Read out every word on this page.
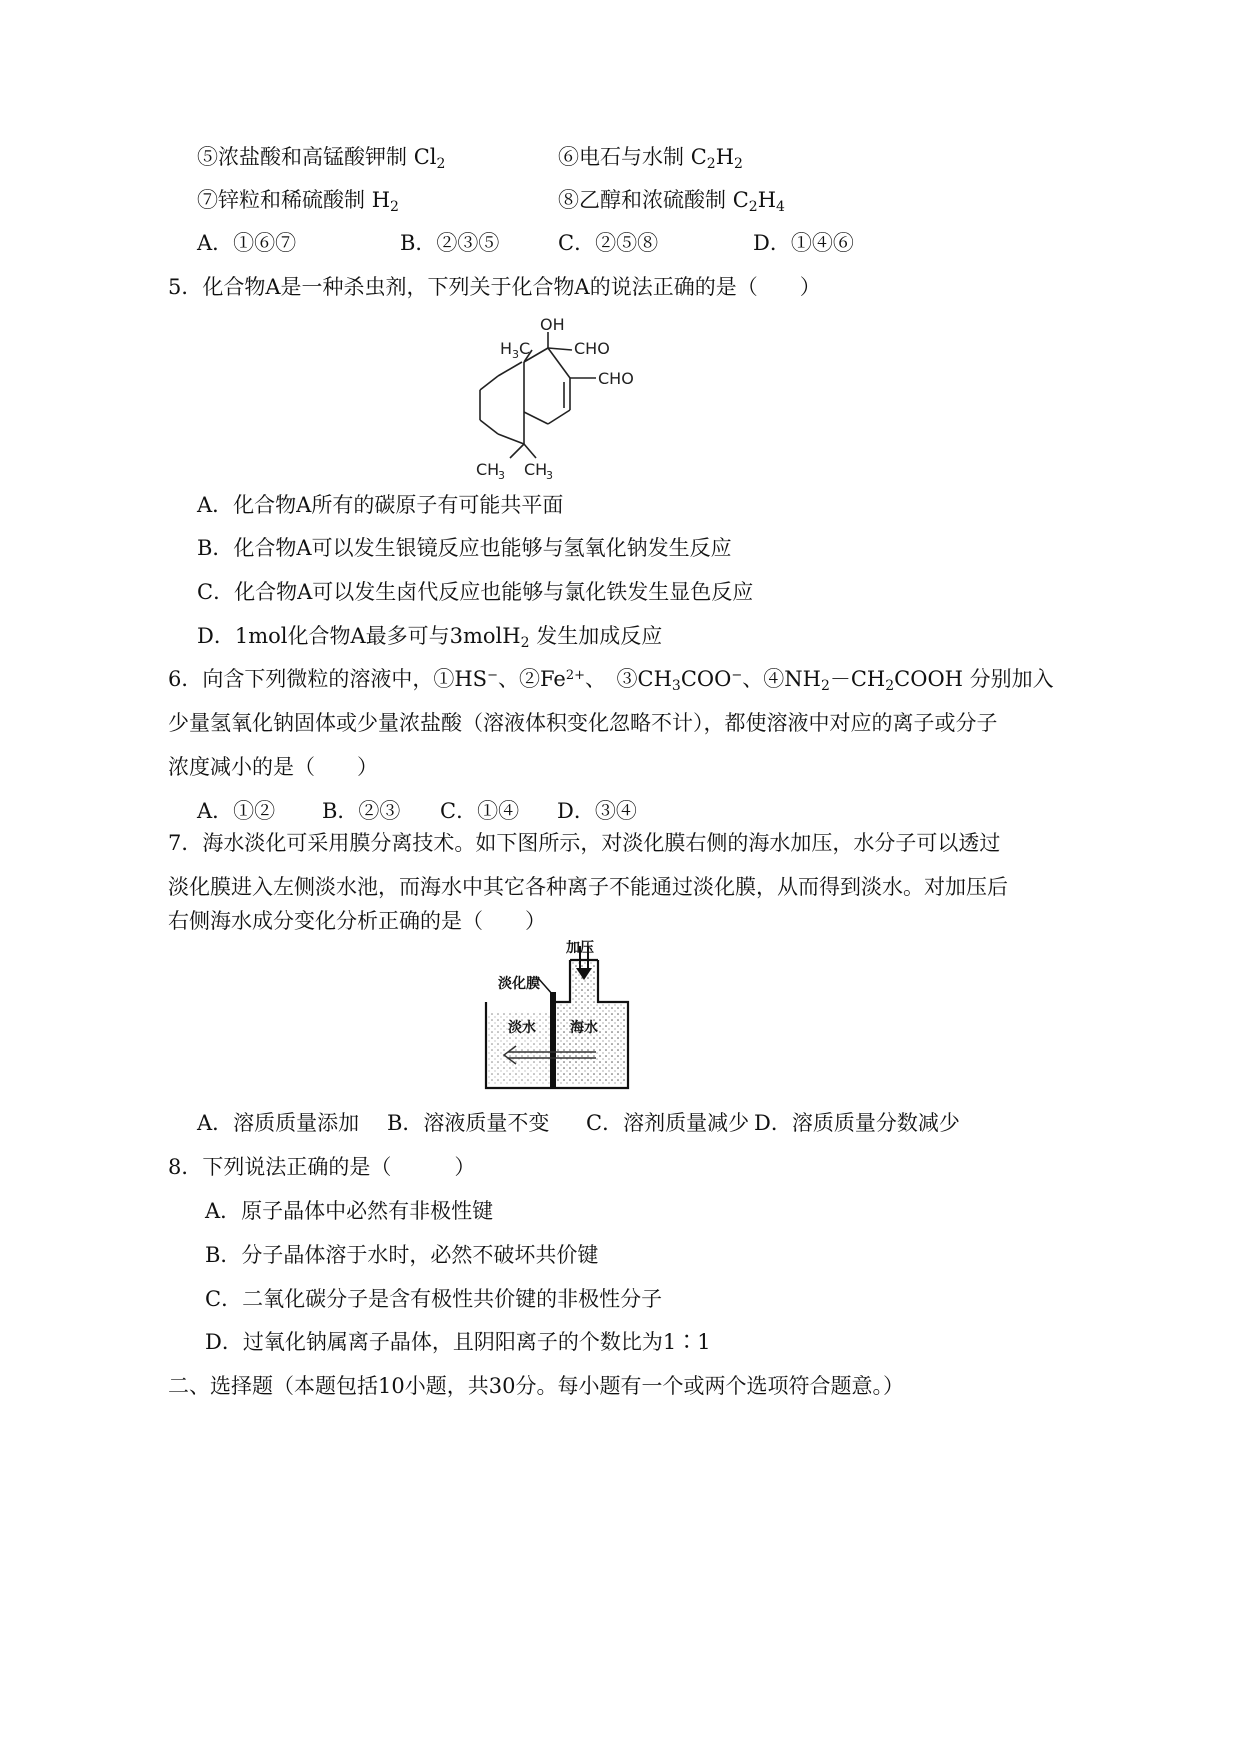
⑤浓盐酸和高锰酸钾制 $Cl_2$	⑥电石与水制 $C_2H_2$
⑦锌粒和稀硫酸制 $H_2$	⑧乙醇和浓硫酸制 $C_2H_4$
A．①⑥⑦	B．②③⑤	C．②⑤⑧	D．①④⑥
5．化合物A是一种杀虫剂，下列关于化合物A的说法正确的是（　　）
OH
H 3 C	CHO
CHO
CH
3 CH
3
A．化合物A所有的碳原子有可能共平面
B．化合物A可以发生银镜反应也能够与氢氧化钠发生反应
C．化合物A可以发生卤代反应也能够与氯化铁发生显色反应
D．1mol化合物A最多可与3molH$_2$ 发生加成反应
6．向含下列微粒的溶液中，①HS−、$②Fe^{2+}$、　$③CH_3COO^-$、$④NH_2-CH_2COOH$ 分别加入
少量氢氧化钠固体或少量浓盐酸（溶液体积变化忽略不计），都使溶液中对应的离子或分子
浓度减小的是（　　）
A．①② B．②③ C．①④ D．③④
7．海水淡化可采用膜分离技术。如下图所示，对淡化膜右侧的海水加压，水分子可以透过
淡化膜进入左侧淡水池，而海水中其它各种离子不能通过淡化膜，从而得到淡水。对加压后
右侧海水成分变化分析正确的是（　　）
加压
淡化膜
淡水 海水
A．溶质质量添加 B．溶液质量不变 C．溶剂质量减少 D．溶质质量分数减少
8．下列说法正确的是（　　　）
A．原子晶体中必然有非极性键
B．分子晶体溶于水时，必然不破坏共价键
C．二氧化碳分子是含有极性共价键的非极性分子
D．过氧化钠属离子晶体，且阴阳离子的个数比为1∶1
二、选择题（本题包括10小题，共30分。每小题有一个或两个选项符合题意。）
